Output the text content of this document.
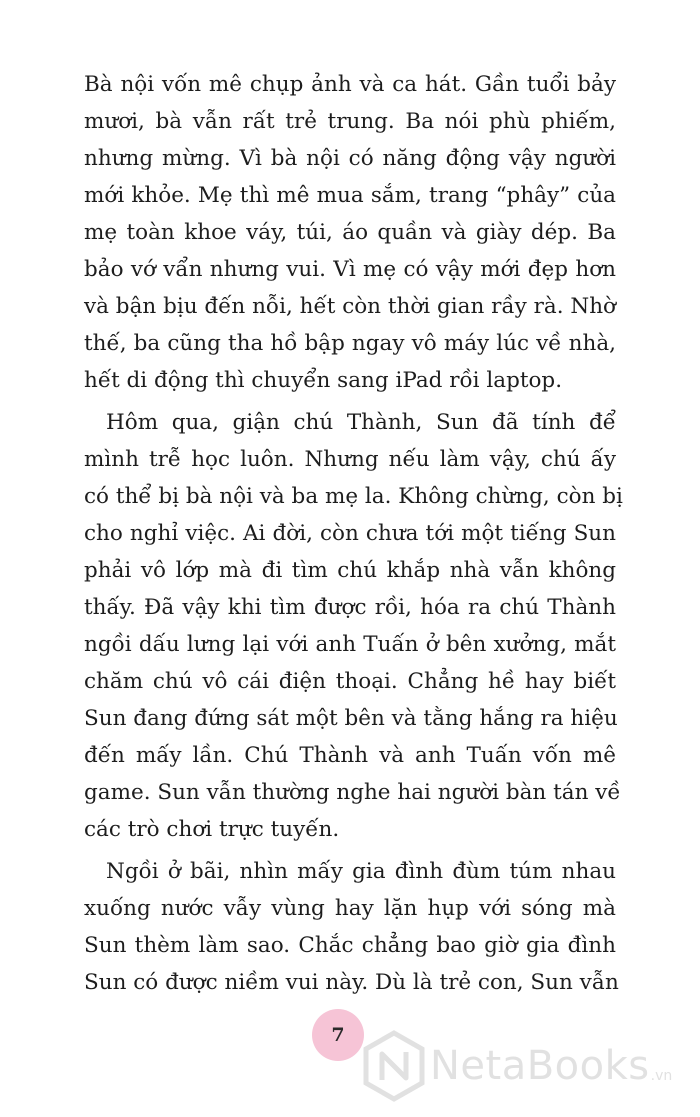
Bà nội vốn mê chụp ảnh và ca hát. Gần tuổi bảy
mươi, bà vẫn rất trẻ trung. Ba nói phù phiếm,
nhưng mừng. Vì bà nội có năng động vậy người
mới khỏe. Mẹ thì mê mua sắm, trang “phây” của
mẹ toàn khoe váy, túi, áo quần và giày dép. Ba
bảo vớ vẩn nhưng vui. Vì mẹ có vậy mới đẹp hơn
và bận bịu đến nỗi, hết còn thời gian rầy rà. Nhờ
thế, ba cũng tha hồ bập ngay vô máy lúc về nhà,
hết di động thì chuyển sang iPad rồi laptop.

Hôm qua, giận chú Thành, Sun đã tính để
mình trễ học luôn. Nhưng nếu làm vậy, chú ấy
có thể bị bà nội và ba mẹ la. Không chừng, còn bị
cho nghỉ việc. Ai đời, còn chưa tới một tiếng Sun
phải vô lớp mà đi tìm chú khắp nhà vẫn không
thấy. Đã vậy khi tìm được rồi, hóa ra chú Thành
ngồi dấu lưng lại với anh Tuấn ở bên xưởng, mắt
chăm chú vô cái điện thoại. Chẳng hề hay biết
Sun đang đứng sát một bên và tằng hắng ra hiệu
đến mấy lần. Chú Thành và anh Tuấn vốn mê
game. Sun vẫn thường nghe hai người bàn tán về
các trò chơi trực tuyến.

Ngồi ở bãi, nhìn mấy gia đình đùm túm nhau
xuống nước vẫy vùng hay lặn hụp với sóng mà
Sun thèm làm sao. Chắc chẳng bao giờ gia đình
Sun có được niềm vui này. Dù là trẻ con, Sun vẫn

7
NetaBooks .vn
